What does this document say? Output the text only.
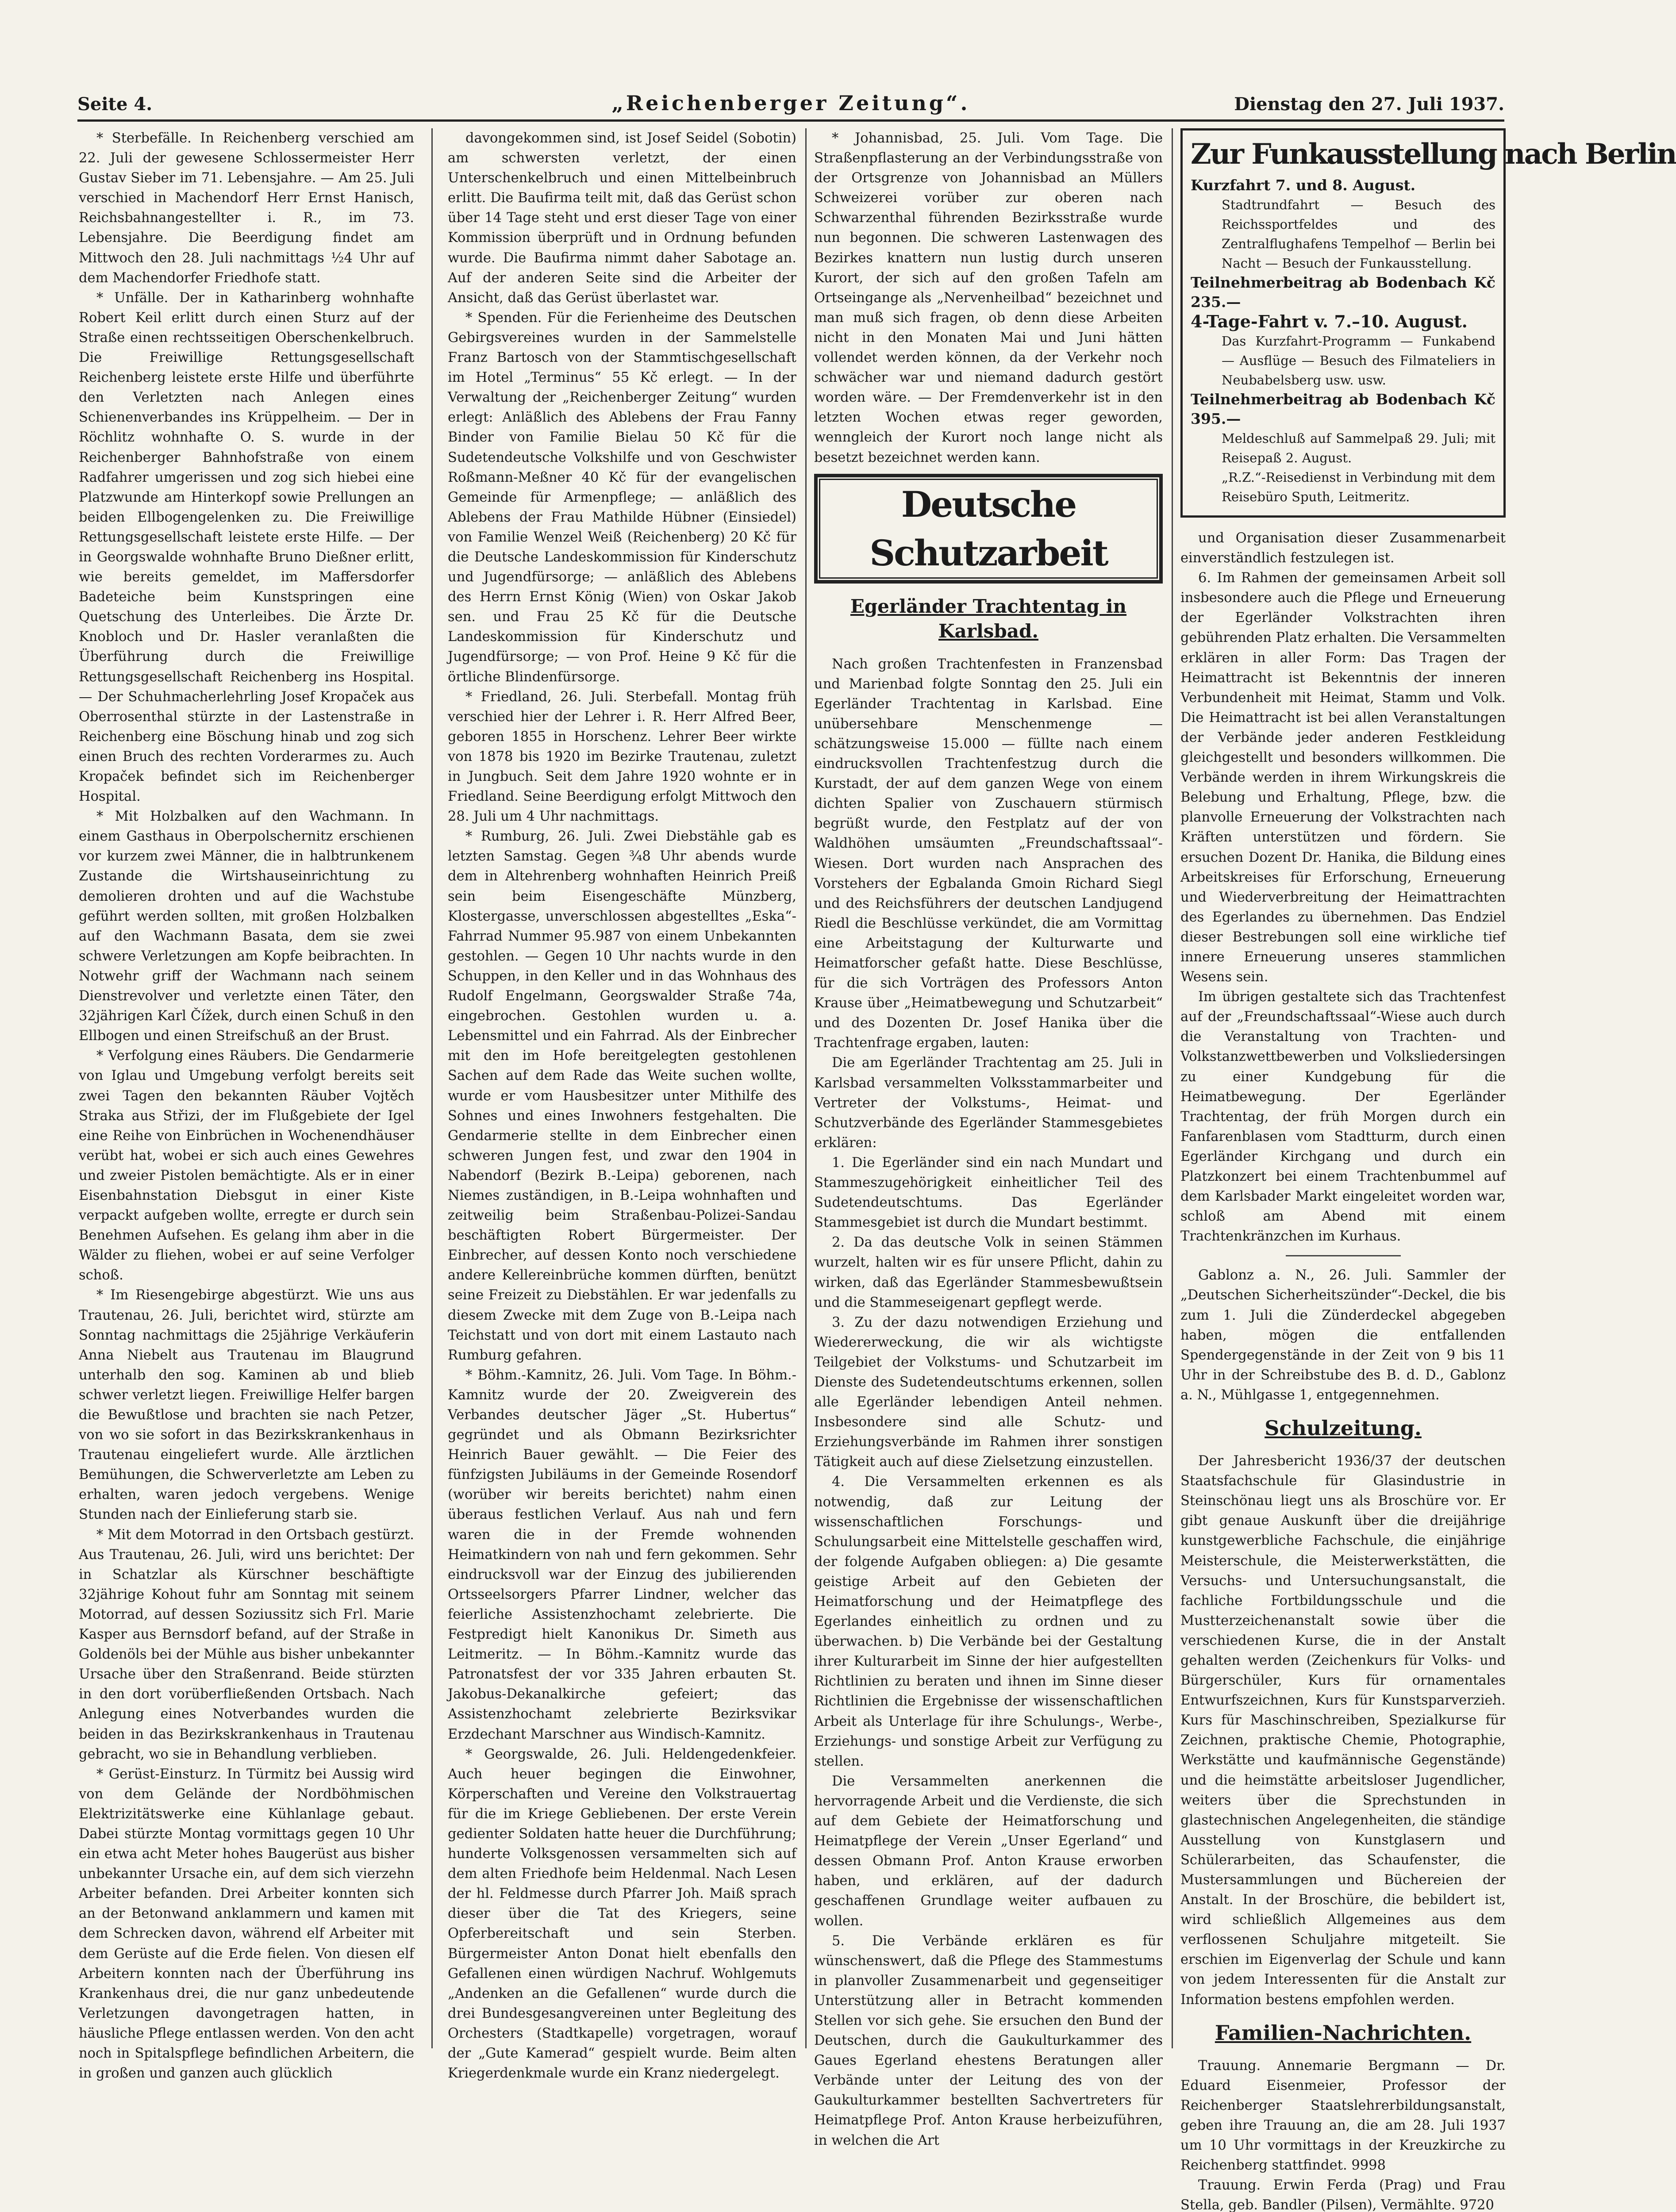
Seite 4.	„Reichenberger Zeitung“.	Dienstag den 27. Juli 1937.

* Sterbefälle. In Reichenberg verschied am 22. Juli der gewesene Schlossermeister Herr Gustav Sieber im 71. Lebensjahre. — Am 25. Juli verschied in Machendorf Herr Ernst Hanisch, Reichsbahnangestellter i. R., im 73. Lebensjahre. Die Beerdigung findet am Mittwoch den 28. Juli nachmittags ½4 Uhr auf dem Machendorfer Friedhofe statt.

* Unfälle. Der in Katharinberg wohnhafte Robert Keil erlitt durch einen Sturz auf der Straße einen rechtsseitigen Oberschenkelbruch. Die Freiwillige Rettungsgesellschaft Reichenberg leistete erste Hilfe und überführte den Verletzten nach Anlegen eines Schienenverbandes ins Krüppelheim. — Der in Röchlitz wohnhafte O. S. wurde in der Reichenberger Bahnhofstraße von einem Radfahrer umgerissen und zog sich hiebei eine Platzwunde am Hinterkopf sowie Prellungen an beiden Ellbogengelenken zu. Die Freiwillige Rettungsgesellschaft leistete erste Hilfe. — Der in Georgswalde wohnhafte Bruno Dießner erlitt, wie bereits gemeldet, im Maffersdorfer Badeteiche beim Kunstspringen eine Quetschung des Unterleibes. Die Ärzte Dr. Knobloch und Dr. Hasler veranlaßten die Überführung durch die Freiwillige Rettungsgesellschaft Reichenberg ins Hospital. — Der Schuhmacherlehrling Josef Kropaček aus Oberrosenthal stürzte in der Lastenstraße in Reichenberg eine Böschung hinab und zog sich einen Bruch des rechten Vorderarmes zu. Auch Kropaček befindet sich im Reichenberger Hospital.

* Mit Holzbalken auf den Wachmann. In einem Gasthaus in Oberpolschernitz erschienen vor kurzem zwei Männer, die in halbtrunkenem Zustande die Wirtshauseinrichtung zu demolieren drohten und auf die Wachstube geführt werden sollten, mit großen Holzbalken auf den Wachmann Basata, dem sie zwei schwere Verletzungen am Kopfe beibrachten. In Notwehr griff der Wachmann nach seinem Dienstrevolver und verletzte einen Täter, den 32jährigen Karl Čížek, durch einen Schuß in den Ellbogen und einen Streifschuß an der Brust.

* Verfolgung eines Räubers. Die Gendarmerie von Iglau und Umgebung verfolgt bereits seit zwei Tagen den bekannten Räuber Vojtěch Straka aus Střizi, der im Flußgebiete der Igel eine Reihe von Einbrüchen in Wochenendhäuser verübt hat, wobei er sich auch eines Gewehres und zweier Pistolen bemächtigte. Als er in einer Eisenbahnstation Diebsgut in einer Kiste verpackt aufgeben wollte, erregte er durch sein Benehmen Aufsehen. Es gelang ihm aber in die Wälder zu fliehen, wobei er auf seine Verfolger schoß.

* Im Riesengebirge abgestürzt. Wie uns aus Trautenau, 26. Juli, berichtet wird, stürzte am Sonntag nachmittags die 25jährige Verkäuferin Anna Niebelt aus Trautenau im Blaugrund unterhalb den sog. Kaminen ab und blieb schwer verletzt liegen. Freiwillige Helfer bargen die Bewußtlose und brachten sie nach Petzer, von wo sie sofort in das Bezirkskrankenhaus in Trautenau eingeliefert wurde. Alle ärztlichen Bemühungen, die Schwerverletzte am Leben zu erhalten, waren jedoch vergebens. Wenige Stunden nach der Einlieferung starb sie.

* Mit dem Motorrad in den Ortsbach gestürzt. Aus Trautenau, 26. Juli, wird uns berichtet: Der in Schatzlar als Kürschner beschäftigte 32jährige Kohout fuhr am Sonntag mit seinem Motorrad, auf dessen Soziussitz sich Frl. Marie Kasper aus Bernsdorf befand, auf der Straße in Goldenöls bei der Mühle aus bisher unbekannter Ursache über den Straßenrand. Beide stürzten in den dort vorüberfließenden Ortsbach. Nach Anlegung eines Notverbandes wurden die beiden in das Bezirkskrankenhaus in Trautenau gebracht, wo sie in Behandlung verblieben.

* Gerüst-Einsturz. In Türmitz bei Aussig wird von dem Gelände der Nordböhmischen Elektrizitätswerke eine Kühlanlage gebaut. Dabei stürzte Montag vormittags gegen 10 Uhr ein etwa acht Meter hohes Baugerüst aus bisher unbekannter Ursache ein, auf dem sich vierzehn Arbeiter befanden. Drei Arbeiter konnten sich an der Betonwand anklammern und kamen mit dem Schrecken davon, während elf Arbeiter mit dem Gerüste auf die Erde fielen. Von diesen elf Arbeitern konnten nach der Überführung ins Krankenhaus drei, die nur ganz unbedeutende Verletzungen davongetragen hatten, in häusliche Pflege entlassen werden. Von den acht noch in Spitalspflege befindlichen Arbeitern, die in großen und ganzen auch glücklich

davongekommen sind, ist Josef Seidel (Sobotin) am schwersten verletzt, der einen Unterschenkelbruch und einen Mittelbeinbruch erlitt. Die Baufirma teilt mit, daß das Gerüst schon über 14 Tage steht und erst dieser Tage von einer Kommission überprüft und in Ordnung befunden wurde. Die Baufirma nimmt daher Sabotage an. Auf der anderen Seite sind die Arbeiter der Ansicht, daß das Gerüst überlastet war.

* Spenden. Für die Ferienheime des Deutschen Gebirgsvereines wurden in der Sammelstelle Franz Bartosch von der Stammtischgesellschaft im Hotel „Terminus“ 55 Kč erlegt. — In der Verwaltung der „Reichenberger Zeitung“ wurden erlegt: Anläßlich des Ablebens der Frau Fanny Binder von Familie Bielau 50 Kč für die Sudetendeutsche Volkshilfe und von Geschwister Roßmann-Meßner 40 Kč für der evangelischen Gemeinde für Armenpflege; — anläßlich des Ablebens der Frau Mathilde Hübner (Einsiedel) von Familie Wenzel Weiß (Reichenberg) 20 Kč für die Deutsche Landeskommission für Kinderschutz und Jugendfürsorge; — anläßlich des Ablebens des Herrn Ernst König (Wien) von Oskar Jakob sen. und Frau 25 Kč für die Deutsche Landeskommission für Kinderschutz und Jugendfürsorge; — von Prof. Heine 9 Kč für die örtliche Blindenfürsorge.

* Friedland, 26. Juli. Sterbefall. Montag früh verschied hier der Lehrer i. R. Herr Alfred Beer, geboren 1855 in Horschenz. Lehrer Beer wirkte von 1878 bis 1920 im Bezirke Trautenau, zuletzt in Jungbuch. Seit dem Jahre 1920 wohnte er in Friedland. Seine Beerdigung erfolgt Mittwoch den 28. Juli um 4 Uhr nachmittags.

* Rumburg, 26. Juli. Zwei Diebstähle gab es letzten Samstag. Gegen ¾8 Uhr abends wurde dem in Altehrenberg wohnhaften Heinrich Preiß sein beim Eisengeschäfte Münzberg, Klostergasse, unverschlossen abgestelltes „Eska“-Fahrrad Nummer 95.987 von einem Unbekannten gestohlen. — Gegen 10 Uhr nachts wurde in den Schuppen, in den Keller und in das Wohnhaus des Rudolf Engelmann, Georgswalder Straße 74a, eingebrochen. Gestohlen wurden u. a. Lebensmittel und ein Fahrrad. Als der Einbrecher mit den im Hofe bereitgelegten gestohlenen Sachen auf dem Rade das Weite suchen wollte, wurde er vom Hausbesitzer unter Mithilfe des Sohnes und eines Inwohners festgehalten. Die Gendarmerie stellte in dem Einbrecher einen schweren Jungen fest, und zwar den 1904 in Nabendorf (Bezirk B.-Leipa) geborenen, nach Niemes zuständigen, in B.-Leipa wohnhaften und zeitweilig beim Straßenbau-Polizei-Sandau beschäftigten Robert Bürgermeister. Der Einbrecher, auf dessen Konto noch verschiedene andere Kellereinbrüche kommen dürften, benützt seine Freizeit zu Diebstählen. Er war jedenfalls zu diesem Zwecke mit dem Zuge von B.-Leipa nach Teichstatt und von dort mit einem Lastauto nach Rumburg gefahren.

* Böhm.-Kamnitz, 26. Juli. Vom Tage. In Böhm.-Kamnitz wurde der 20. Zweigverein des Verbandes deutscher Jäger „St. Hubertus“ gegründet und als Obmann Bezirksrichter Heinrich Bauer gewählt. — Die Feier des fünfzigsten Jubiläums in der Gemeinde Rosendorf (worüber wir bereits berichtet) nahm einen überaus festlichen Verlauf. Aus nah und fern waren die in der Fremde wohnenden Heimatkindern von nah und fern gekommen. Sehr eindrucksvoll war der Einzug des jubilierenden Ortsseelsorgers Pfarrer Lindner, welcher das feierliche Assistenzhochamt zelebrierte. Die Festpredigt hielt Kanonikus Dr. Simeth aus Leitmeritz. — In Böhm.-Kamnitz wurde das Patronatsfest der vor 335 Jahren erbauten St. Jakobus-Dekanalkirche gefeiert; das Assistenzhochamt zelebrierte Bezirksvikar Erzdechant Marschner aus Windisch-Kamnitz.

* Georgswalde, 26. Juli. Heldengedenkfeier. Auch heuer begingen die Einwohner, Körperschaften und Vereine den Volkstrauertag für die im Kriege Gebliebenen. Der erste Verein gedienter Soldaten hatte heuer die Durchführung; hunderte Volksgenossen versammelten sich auf dem alten Friedhofe beim Heldenmal. Nach Lesen der hl. Feldmesse durch Pfarrer Joh. Maiß sprach dieser über die Tat des Kriegers, seine Opferbereitschaft und sein Sterben. Bürgermeister Anton Donat hielt ebenfalls den Gefallenen einen würdigen Nachruf. Wohlgemuts „Andenken an die Gefallenen“ wurde durch die drei Bundesgesangvereinen unter Begleitung des Orchesters (Stadtkapelle) vorgetragen, worauf der „Gute Kamerad“ gespielt wurde. Beim alten Kriegerdenkmale wurde ein Kranz niedergelegt.

* Johannisbad, 25. Juli. Vom Tage. Die Straßenpflasterung an der Verbindungsstraße von der Ortsgrenze von Johannisbad an Müllers Schweizerei vorüber zur oberen nach Schwarzenthal führenden Bezirksstraße wurde nun begonnen. Die schweren Lastenwagen des Bezirkes knattern nun lustig durch unseren Kurort, der sich auf den großen Tafeln am Ortseingange als „Nervenheilbad“ bezeichnet und man muß sich fragen, ob denn diese Arbeiten nicht in den Monaten Mai und Juni hätten vollendet werden können, da der Verkehr noch schwächer war und niemand dadurch gestört worden wäre. — Der Fremdenverkehr ist in den letzten Wochen etwas reger geworden, wenngleich der Kurort noch lange nicht als besetzt bezeichnet werden kann.

Deutsche Schutzarbeit
Egerländer Trachtentag in Karlsbad.

Nach großen Trachtenfesten in Franzensbad und Marienbad folgte Sonntag den 25. Juli ein Egerländer Trachtentag in Karlsbad. Eine unübersehbare Menschenmenge — schätzungsweise 15.000 — füllte nach einem eindrucksvollen Trachtenfestzug durch die Kurstadt, der auf dem ganzen Wege von einem dichten Spalier von Zuschauern stürmisch begrüßt wurde, den Festplatz auf der von Waldhöhen umsäumten „Freundschaftssaal“-Wiesen. Dort wurden nach Ansprachen des Vorstehers der Egbalanda Gmoin Richard Siegl und des Reichsführers der deutschen Landjugend Riedl die Beschlüsse verkündet, die am Vormittag eine Arbeitstagung der Kulturwarte und Heimatforscher gefaßt hatte. Diese Beschlüsse, für die sich Vorträgen des Professors Anton Krause über „Heimatbewegung und Schutzarbeit“ und des Dozenten Dr. Josef Hanika über die Trachtenfrage ergaben, lauten:

Die am Egerländer Trachtentag am 25. Juli in Karlsbad versammelten Volksstammarbeiter und Vertreter der Volkstums-, Heimat- und Schutzverbände des Egerländer Stammesgebietes erklären:

1. Die Egerländer sind ein nach Mundart und Stammeszugehörigkeit einheitlicher Teil des Sudetendeutschtums. Das Egerländer Stammesgebiet ist durch die Mundart bestimmt.

2. Da das deutsche Volk in seinen Stämmen wurzelt, halten wir es für unsere Pflicht, dahin zu wirken, daß das Egerländer Stammesbewußtsein und die Stammeseigenart gepflegt werde.

3. Zu der dazu notwendigen Erziehung und Wiedererweckung, die wir als wichtigste Teilgebiet der Volkstums- und Schutzarbeit im Dienste des Sudetendeutschtums erkennen, sollen alle Egerländer lebendigen Anteil nehmen. Insbesondere sind alle Schutz- und Erziehungsverbände im Rahmen ihrer sonstigen Tätigkeit auch auf diese Zielsetzung einzustellen.

4. Die Versammelten erkennen es als notwendig, daß zur Leitung der wissenschaftlichen Forschungs- und Schulungsarbeit eine Mittelstelle geschaffen wird, der folgende Aufgaben obliegen: a) Die gesamte geistige Arbeit auf den Gebieten der Heimatforschung und der Heimatpflege des Egerlandes einheitlich zu ordnen und zu überwachen. b) Die Verbände bei der Gestaltung ihrer Kulturarbeit im Sinne der hier aufgestellten Richtlinien zu beraten und ihnen im Sinne dieser Richtlinien die Ergebnisse der wissenschaftlichen Arbeit als Unterlage für ihre Schulungs-, Werbe-, Erziehungs- und sonstige Arbeit zur Verfügung zu stellen.

Die Versammelten anerkennen die hervorragende Arbeit und die Verdienste, die sich auf dem Gebiete der Heimatforschung und Heimatpflege der Verein „Unser Egerland“ und dessen Obmann Prof. Anton Krause erworben haben, und erklären, auf der dadurch geschaffenen Grundlage weiter aufbauen zu wollen.

5. Die Verbände erklären es für wünschenswert, daß die Pflege des Stammestums in planvoller Zusammenarbeit und gegenseitiger Unterstützung aller in Betracht kommenden Stellen vor sich gehe. Sie ersuchen den Bund der Deutschen, durch die Gaukulturkammer des Gaues Egerland ehestens Beratungen aller Verbände unter der Leitung des von der Gaukulturkammer bestellten Sachvertreters für Heimatpflege Prof. Anton Krause herbeizuführen, in welchen die Art

Zur Funkausstellung nach Berlin
Kurzfahrt 7. und 8. August.
Stadtrundfahrt — Besuch des Reichssportfeldes und des Zentralflughafens Tempelhof — Berlin bei Nacht — Besuch der Funkausstellung.
Teilnehmerbeitrag ab Bodenbach Kč 235.—
4-Tage-Fahrt v. 7.–10. August.
Das Kurzfahrt-Programm — Funkabend — Ausflüge — Besuch des Filmateliers in Neubabelsberg usw. usw.
Teilnehmerbeitrag ab Bodenbach Kč 395.—
Meldeschluß auf Sammelpaß 29. Juli; mit Reisepaß 2. August.
„R.Z.“-Reisedienst in Verbindung mit dem Reisebüro Sputh, Leitmeritz.

und Organisation dieser Zusammenarbeit einverständlich festzulegen ist.

6. Im Rahmen der gemeinsamen Arbeit soll insbesondere auch die Pflege und Erneuerung der Egerländer Volkstrachten ihren gebührenden Platz erhalten. Die Versammelten erklären in aller Form: Das Tragen der Heimattracht ist Bekenntnis der inneren Verbundenheit mit Heimat, Stamm und Volk. Die Heimattracht ist bei allen Veranstaltungen der Verbände jeder anderen Festkleidung gleichgestellt und besonders willkommen. Die Verbände werden in ihrem Wirkungskreis die Belebung und Erhaltung, Pflege, bzw. die planvolle Erneuerung der Volkstrachten nach Kräften unterstützen und fördern. Sie ersuchen Dozent Dr. Hanika, die Bildung eines Arbeitskreises für Erforschung, Erneuerung und Wiederverbreitung der Heimattrachten des Egerlandes zu übernehmen. Das Endziel dieser Bestrebungen soll eine wirkliche tief innere Erneuerung unseres stammlichen Wesens sein.

Im übrigen gestaltete sich das Trachtenfest auf der „Freundschaftssaal“-Wiese auch durch die Veranstaltung von Trachten- und Volkstanzwettbewerben und Volksliedersingen zu einer Kundgebung für die Heimatbewegung. Der Egerländer Trachtentag, der früh Morgen durch ein Fanfarenblasen vom Stadtturm, durch einen Egerländer Kirchgang und durch ein Platzkonzert bei einem Trachtenbummel auf dem Karlsbader Markt eingeleitet worden war, schloß am Abend mit einem Trachtenkränzchen im Kurhaus.

Gablonz a. N., 26. Juli. Sammler der „Deutschen Sicherheitszünder“-Deckel, die bis zum 1. Juli die Zünderdeckel abgegeben haben, mögen die entfallenden Spendergegenstände in der Zeit von 9 bis 11 Uhr in der Schreibstube des B. d. D., Gablonz a. N., Mühlgasse 1, entgegennehmen.

Schulzeitung.

Der Jahresbericht 1936/37 der deutschen Staatsfachschule für Glasindustrie in Steinschönau liegt uns als Broschüre vor. Er gibt genaue Auskunft über die dreijährige kunstgewerbliche Fachschule, die einjährige Meisterschule, die Meisterwerkstätten, die Versuchs- und Untersuchungsanstalt, die fachliche Fortbildungsschule und die Mustterzeichenanstalt sowie über die verschiedenen Kurse, die in der Anstalt gehalten werden (Zeichenkurs für Volks- und Bürgerschüler, Kurs für ornamentales Entwurfszeichnen, Kurs für Kunstsparverzieh. Kurs für Maschinschreiben, Spezialkurse für Zeichnen, praktische Chemie, Photographie, Werkstätte und kaufmännische Gegenstände) und die heimstätte arbeitsloser Jugendlicher, weiters über die Sprechstunden in glastechnischen Angelegenheiten, die ständige Ausstellung von Kunstglasern und Schülerarbeiten, das Schaufenster, die Mustersammlungen und Büchereien der Anstalt. In der Broschüre, die bebildert ist, wird schließlich Allgemeines aus dem verflossenen Schuljahre mitgeteilt. Sie erschien im Eigenverlag der Schule und kann von jedem Interessenten für die Anstalt zur Information bestens empfohlen werden.

Familien-Nachrichten.

Trauung. Annemarie Bergmann — Dr. Eduard Eisenmeier, Professor der Reichenberger Staatslehrerbildungsanstalt, geben ihre Trauung an, die am 28. Juli 1937 um 10 Uhr vormittags in der Kreuzkirche zu Reichenberg stattfindet. 9998

Trauung. Erwin Ferda (Prag) und Frau Stella, geb. Bandler (Pilsen), Vermählte. 9720
